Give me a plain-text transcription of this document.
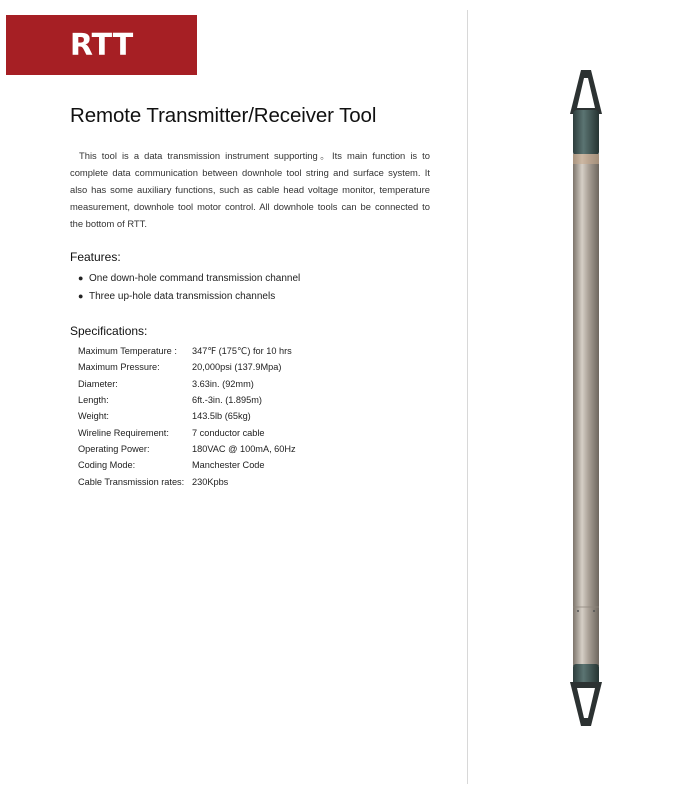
RTT
Remote Transmitter/Receiver Tool

This tool is a data transmission instrument supporting。Its main function is to complete data communication between downhole tool string and surface system. It also has some auxiliary functions, such as cable head voltage monitor, temperature measurement, downhole tool motor control. All downhole tools can be connected to the bottom of RTT.

Features:
● One down-hole command transmission channel
● Three up-hole data transmission channels
Specifications:
Maximum Temperature :	347℉ (175℃) for 10 hrs
Maximum Pressure:	20,000psi (137.9Mpa)
Diameter:	3.63in. (92mm)
Length:	6ft.-3in. (1.895m)
Weight:	143.5lb (65kg)
Wireline Requirement:	7 conductor cable
Operating Power:	180VAC @ 100mA, 60Hz
Coding Mode:	Manchester Code
Cable Transmission rates:	230Kpbs
